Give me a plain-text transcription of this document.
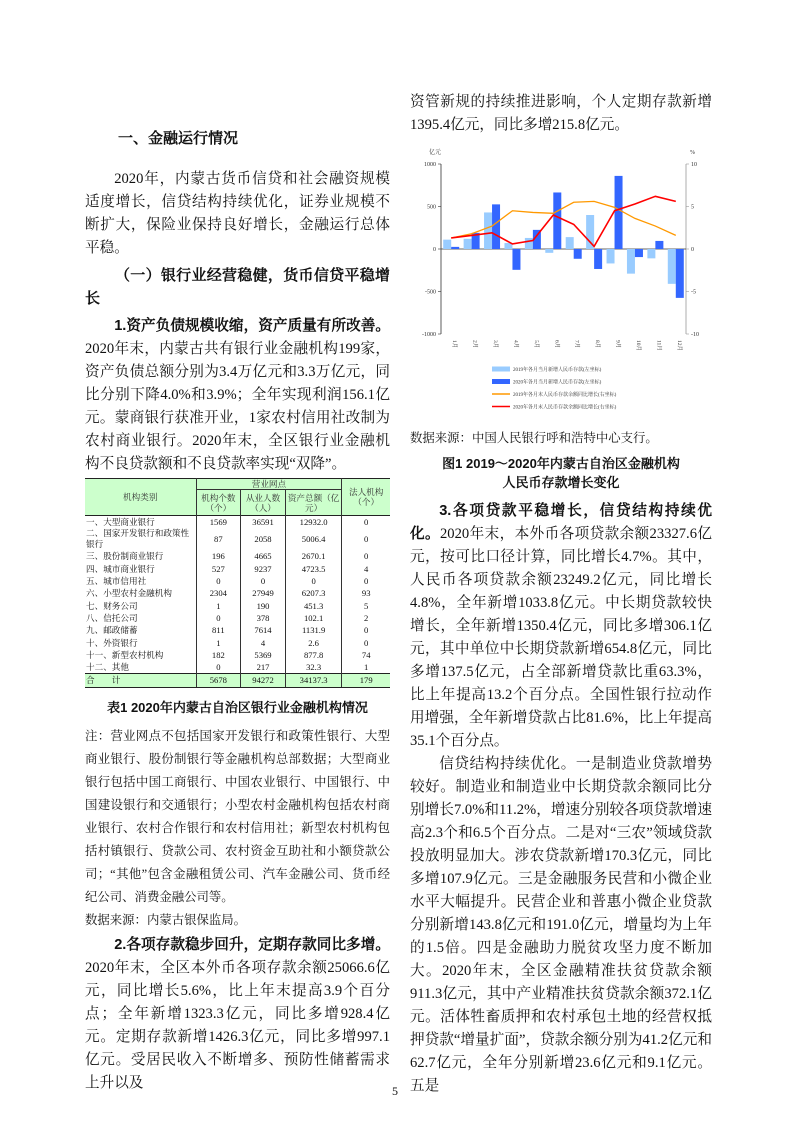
一、金融运行情况
2020年，内蒙古货币信贷和社会融资规模适度增长，信贷结构持续优化，证券业规模不断扩大，保险业保持良好增长，金融运行总体平稳。
（一）银行业经营稳健，货币信贷平稳增长
1.资产负债规模收缩，资产质量有所改善。2020年末，内蒙古共有银行业金融机构199家，资产负债总额分别为3.4万亿元和3.3万亿元，同比分别下降4.0%和3.9%；全年实现利润156.1亿元。蒙商银行获准开业，1家农村信用社改制为农村商业银行。2020年末，全区银行业金融机构不良贷款额和不良贷款率实现“双降”。
机构类别	营业网点			法人机构（个）
	机构个数（个）	从业人数（人）	资产总额（亿元）	
一、大型商业银行	1569	36591	12932.0	0
二、国家开发银行和政策性银行	87	2058	5006.4	0
三、股份制商业银行	196	4665	2670.1	0
四、城市商业银行	527	9237	4723.5	4
五、城市信用社	0	0	0	0
六、小型农村金融机构	2304	27949	6207.3	93
七、财务公司	1	190	451.3	5
八、信托公司	0	378	102.1	2
九、邮政储蓄	811	7614	1131.9	0
十、外资银行	1	4	2.6	0
十一、新型农村机构	182	5369	877.8	74
十二、其他	0	217	32.3	1
合　　计	5678	94272	34137.3	179
表1 2020年内蒙古自治区银行业金融机构情况
注：营业网点不包括国家开发银行和政策性银行、大型商业银行、股份制银行等金融机构总部数据；大型商业银行包括中国工商银行、中国农业银行、中国银行、中国建设银行和交通银行；小型农村金融机构包括农村商业银行、农村合作银行和农村信用社；新型农村机构包括村镇银行、贷款公司、农村资金互助社和小额贷款公司；“其他”包含金融租赁公司、汽车金融公司、货币经纪公司、消费金融公司等。
数据来源：内蒙古银保监局。
2.各项存款稳步回升，定期存款同比多增。2020年末，全区本外币各项存款余额25066.6亿元，同比增长5.6%，比上年末提高3.9个百分点；全年新增1323.3亿元，同比多增928.4亿元。定期存款新增1426.3亿元，同比多增997.1亿元。受居民收入不断增多、预防性储蓄需求上升以及
资管新规的持续推进影响，个人定期存款新增1395.4亿元，同比多增215.8亿元。
亿元	%
1000
500
0
-500
-1000
10
5
0
-5
-10
1月	2月	3月	4月	5月	6月	7月	8月	9月	10月	11月	12月
2019年各月当月新增人民币存款(左坐标)
2020年各月当月新增人民币存款(左坐标)
2019年各月末人民币存款余额同比增长(右坐标)
2020年各月末人民币存款余额同比增长(右坐标)
数据来源：中国人民银行呼和浩特中心支行。
图1 2019～2020年内蒙古自治区金融机构
人民币存款增长变化
3.各项贷款平稳增长，信贷结构持续优化。2020年末，本外币各项贷款余额23327.6亿元，按可比口径计算，同比增长4.7%。其中，人民币各项贷款余额23249.2亿元，同比增长4.8%，全年新增1033.8亿元。中长期贷款较快增长，全年新增1350.4亿元，同比多增306.1亿元，其中单位中长期贷款新增654.8亿元，同比多增137.5亿元，占全部新增贷款比重63.3%，比上年提高13.2个百分点。全国性银行拉动作用增强，全年新增贷款占比81.6%，比上年提高35.1个百分点。
信贷结构持续优化。一是制造业贷款增势较好。制造业和制造业中长期贷款余额同比分别增长7.0%和11.2%，增速分别较各项贷款增速高2.3个和6.5个百分点。二是对“三农”领域贷款投放明显加大。涉农贷款新增170.3亿元，同比多增107.9亿元。三是金融服务民营和小微企业水平大幅提升。民营企业和普惠小微企业贷款分别新增143.8亿元和191.0亿元，增量均为上年的1.5倍。四是金融助力脱贫攻坚力度不断加大。2020年末，全区金融精准扶贫贷款余额911.3亿元，其中产业精准扶贫贷款余额372.1亿元。活体牲畜质押和农村承包土地的经营权抵押贷款“增量扩面”，贷款余额分别为41.2亿元和62.7亿元，全年分别新增23.6亿元和9.1亿元。五是
5
